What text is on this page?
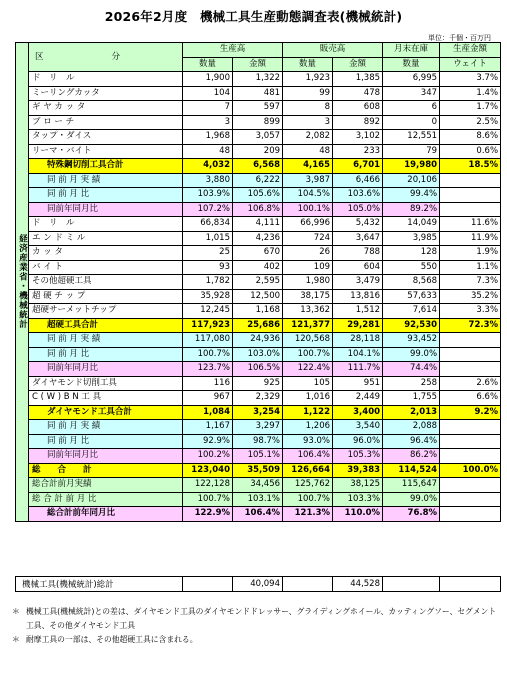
2026年2月度　機械工具生産動態調査表(機械統計)
単位：千個・百万円
経済産業省・機械統計	区　　　　　　　　分	生産高		販売高		月末在庫	生産金額
		数量	金額	数量	金額	数量	ウェイト
	ド　リ　ル	1,900	1,322	1,923	1,385	6,995	3.7%
	ミーリングカッタ	104	481	99	478	347	1.4%
	ギ ヤ カ ッ タ	7	597	8	608	6	1.7%
	ブ ロ ー チ	3	899	3	892	0	2.5%
	タップ・ダイス	1,968	3,057	2,082	3,102	12,551	8.6%
	リーマ・バイト	48	209	48	233	79	0.6%
	特殊鋼切削工具合計	4,032	6,568	4,165	6,701	19,980	18.5%
	同 前 月 実 績	3,880	6,222	3,987	6,466	20,106	
	同 前 月 比	103.9%	105.6%	104.5%	103.6%	99.4%	
	同前年同月比	107.2%	106.8%	100.1%	105.0%	89.2%	
	ド　リ　ル	66,834	4,111	66,996	5,432	14,049	11.6%
	エ ン ド ミ ル	1,015	4,236	724	3,647	3,985	11.9%
	カ ッ タ	25	670	26	788	128	1.9%
	バ イ ト	93	402	109	604	550	1.1%
	その他超硬工具	1,782	2,595	1,980	3,479	8,568	7.3%
	超 硬 チ ッ プ	35,928	12,500	38,175	13,816	57,633	35.2%
	超硬サーメットチップ	12,245	1,168	13,362	1,512	7,614	3.3%
	超硬工具合計	117,923	25,686	121,377	29,281	92,530	72.3%
	同 前 月 実 績	117,080	24,936	120,568	28,118	93,452	
	同 前 月 比	100.7%	103.0%	100.7%	104.1%	99.0%	
	同前年同月比	123.7%	106.5%	122.4%	111.7%	74.4%	
	ダイヤモンド切削工具	116	925	105	951	258	2.6%
	C ( W ) B N 工 具	967	2,329	1,016	2,449	1,755	6.6%
	ダイヤモンド工具合計	1,084	3,254	1,122	3,400	2,013	9.2%
	同 前 月 実 績	1,167	3,297	1,206	3,540	2,088	
	同 前 月 比	92.9%	98.7%	93.0%	96.0%	96.4%	
	同前年同月比	100.2%	105.1%	106.4%	105.3%	86.2%	
	総　　合　　計	123,040	35,509	126,664	39,383	114,524	100.0%
	総合計前月実績	122,128	34,456	125,762	38,125	115,647	
	総 合 計 前 月 比	100.7%	103.1%	100.7%	103.3%	99.0%	
	総合計前年同月比	122.9%	106.4%	121.3%	110.0%	76.8%	
機械工具(機械統計)総計		40,094		44,528		
＊ 機械工具(機械統計)との差は、ダイヤモンド工具のダイヤモンドドレッサー、グライディングホイール、カッティングソー、セグメント工具、その他ダイヤモンド工具
＊ 耐摩工具の一部は、その他超硬工具に含まれる。
